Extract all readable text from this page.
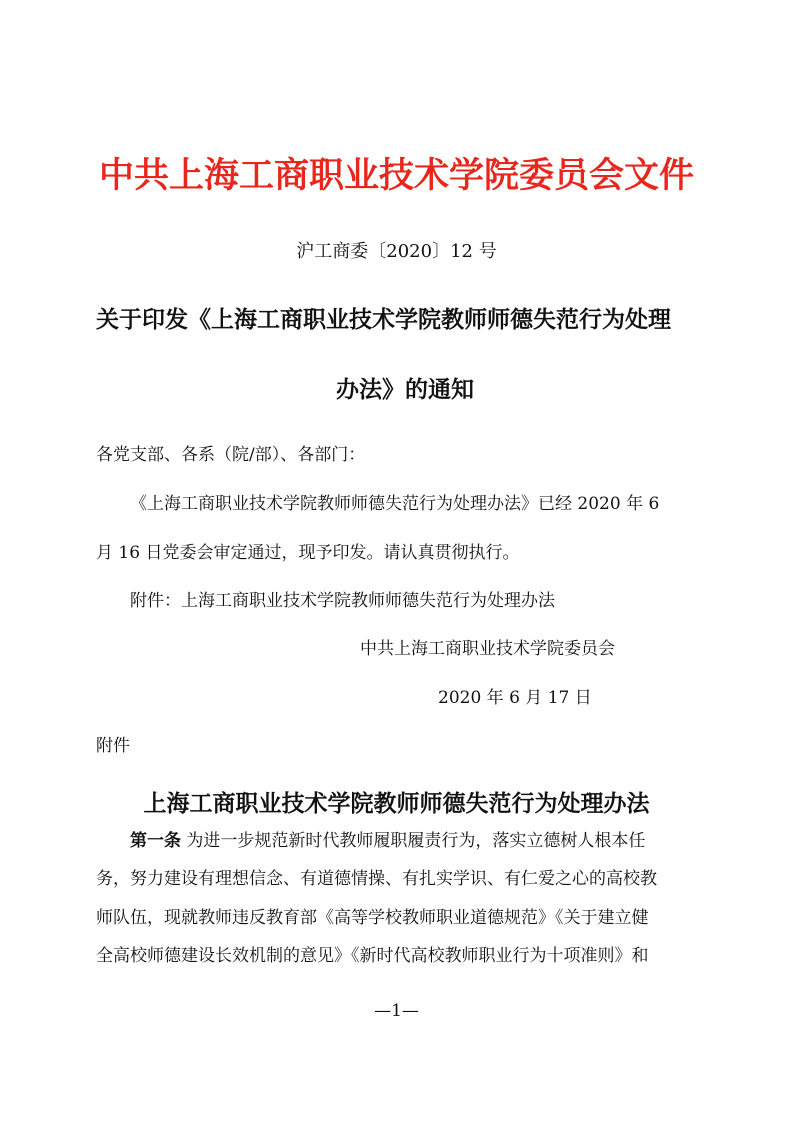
中共上海工商职业技术学院委员会文件
沪工商委〔2020〕12 号
关于印发《上海工商职业技术学院教师师德失范行为处理
办法》的通知
各党支部、各系（院/部）、各部门：
《上海工商职业技术学院教师师德失范行为处理办法》已经 2020 年 6
月 16 日党委会审定通过，现予印发。请认真贯彻执行。
附件：上海工商职业技术学院教师师德失范行为处理办法
中共上海工商职业技术学院委员会
2020 年 6 月 17 日
附件
上海工商职业技术学院教师师德失范行为处理办法
第一条 为进一步规范新时代教师履职履责行为，落实立德树人根本任
务，努力建设有理想信念、有道德情操、有扎实学识、有仁爱之心的高校教
师队伍，现就教师违反教育部《高等学校教师职业道德规范》《关于建立健
全高校师德建设长效机制的意见》《新时代高校教师职业行为十项准则》和
—1—
